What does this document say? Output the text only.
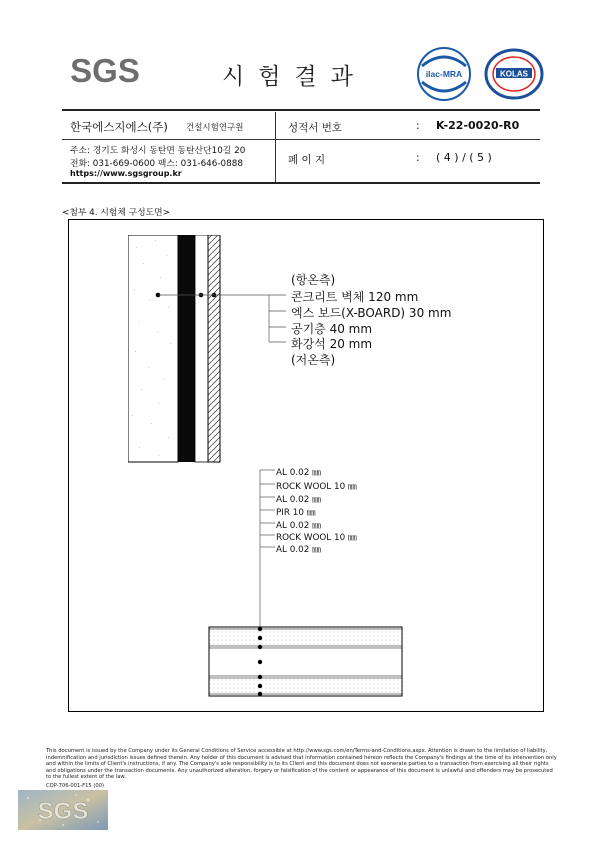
SGS	시험결과	ilac-MRA	KOLAS
한국에스지에스(주) 건설시험연구원
주소: 경기도 화성시 동탄면 동탄산단10길 20
전화: 031-669-0600 팩스: 031-646-0888
https://www.sgsgroup.kr
성적서 번호	: K-22-0020-R0
페 이 지	: ( 4 ) / ( 5 )
<첨부 4. 시험체 구성도면>
·
˙
·
˙
·
·
˙
·
·
˙
·
˙
·
·
˙
·
·
˙
·
˙
·
(항온측)
콘크리트 벽체 120 mm
엑스 보드(X-BOARD) 30 mm
공기층 40 mm
화강석 20 mm
(저온측)
AL 0.02 ㎜
ROCK WOOL 10 ㎜
AL 0.02 ㎜
PIR 10 ㎜
AL 0.02 ㎜
ROCK WOOL 10 ㎜
AL 0.02 ㎜
This document is issued by the Company under its General Conditions of Service accessible at http://www.sgs.com/en/Terms-and-Conditions.aspx. Attention is drawn to the limitation of liability,
indemnification and jurisdiction issues defined therein. Any holder of this document is advised that information contained hereon reflects the Company's findings at the time of its intervention only
and within the limits of Client's instructions, if any. The Company's sole responsibility is to its Client and this document does not exonerate parties to a transaction from exercising all their rights
and obligations under the transaction documents. Any unauthorized alteration, forgery or falsification of the content or appearance of this document is unlawful and offenders may be prosecuted
to the fullest extent of the law.
COP-706-001-F15 (00)
SGS
